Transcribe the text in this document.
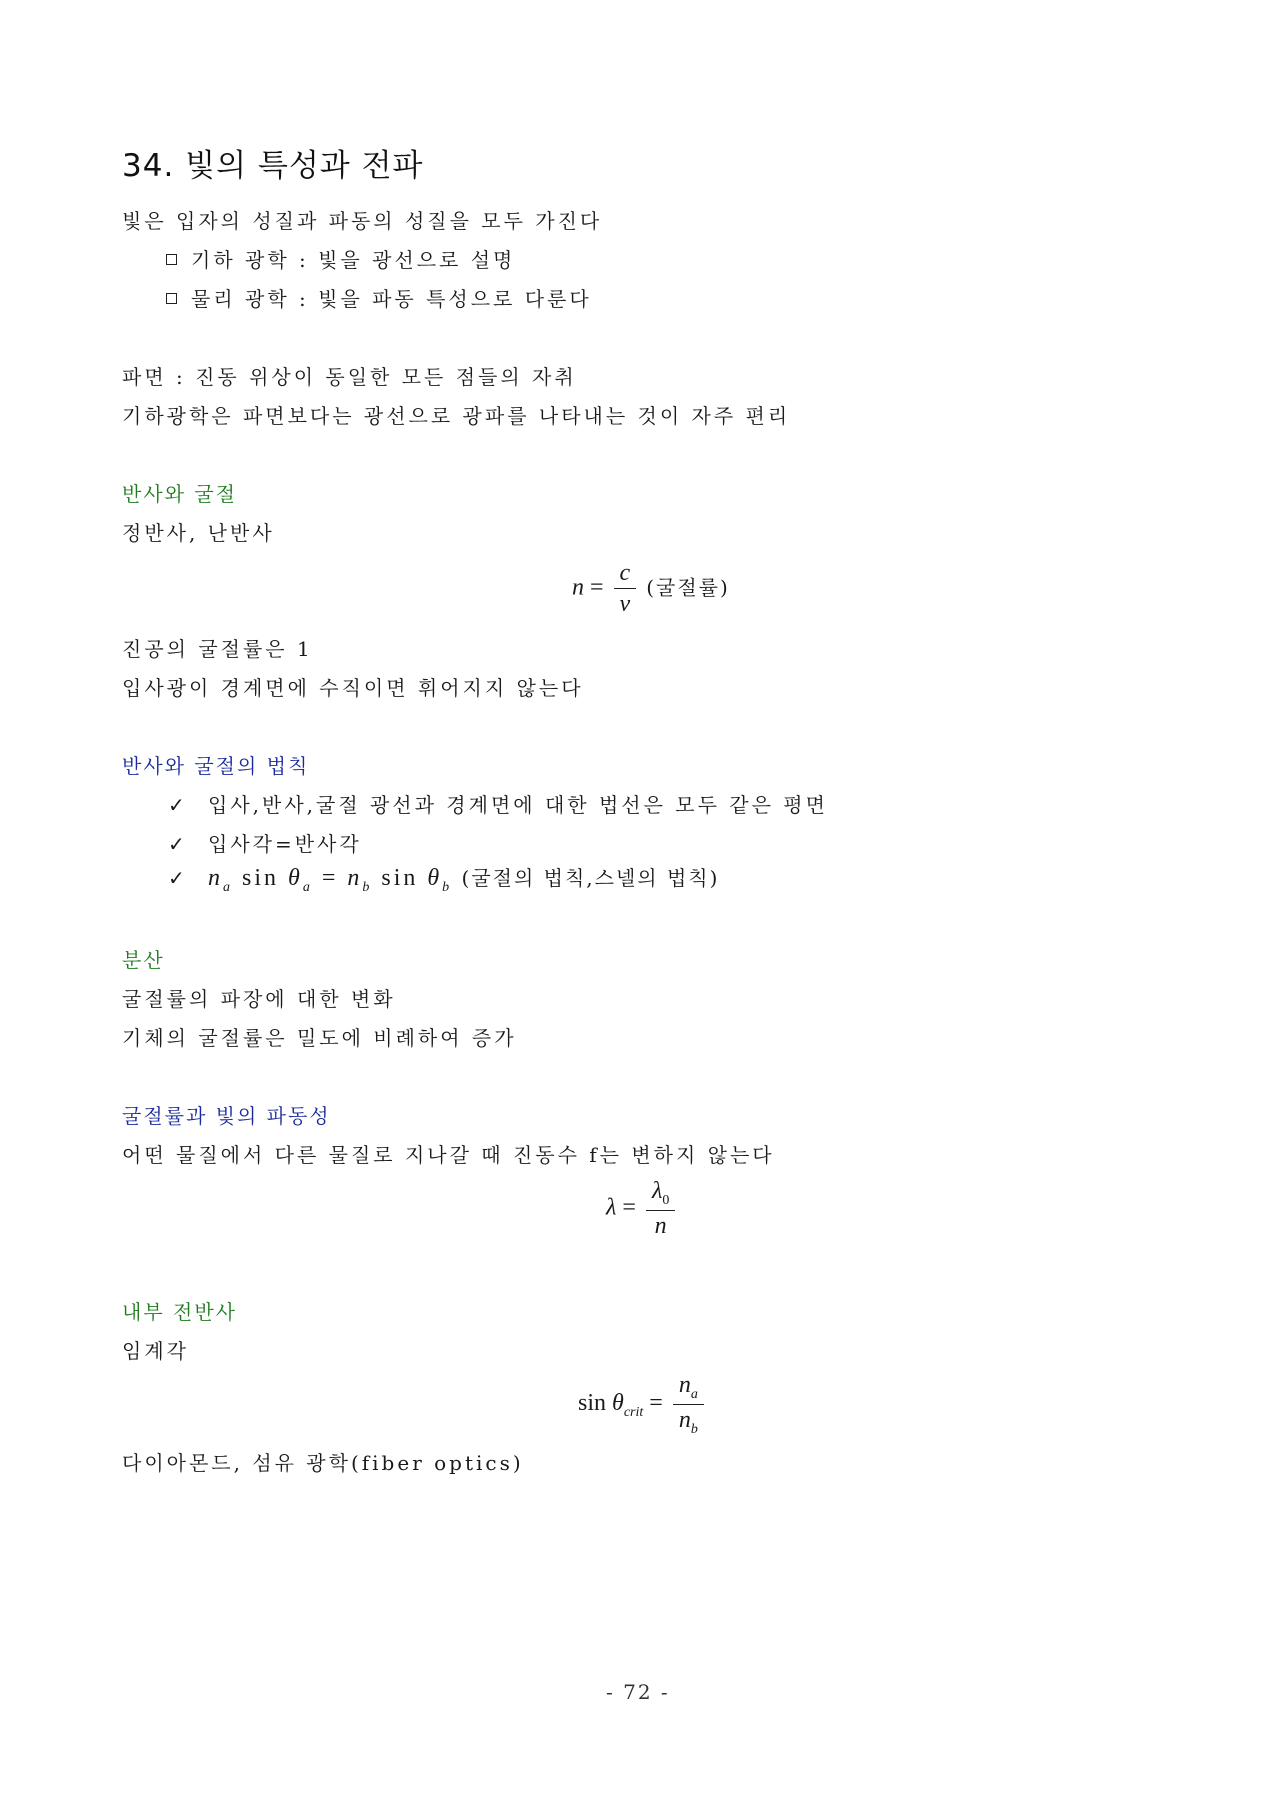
34. 빛의 특성과 전파
빛은 입자의 성질과 파동의 성질을 모두 가진다
기하 광학 : 빛을 광선으로 설명
물리 광학 : 빛을 파동 특성으로 다룬다
파면 : 진동 위상이 동일한 모든 점들의 자취
기하광학은 파면보다는 광선으로 광파를 나타내는 것이 자주 편리
반사와 굴절
정반사, 난반사
$n = \frac{c}{v}$ (굴절률)
진공의 굴절률은 1
입사광이 경계면에 수직이면 휘어지지 않는다
반사와 굴절의 법칙
✓ 입사,반사,굴절 광선과 경계면에 대한 법선은 모두 같은 평면
✓ 입사각=반사각
✓ $n_a$ $\sin \theta_a = n_b$ $\sin \theta_b$ (굴절의 법칙,스넬의 법칙)
분산
굴절률의 파장에 대한 변화
기체의 굴절률은 밀도에 비례하여 증가
굴절률과 빛의 파동성
어떤 물질에서 다른 물질로 지나갈 때 진동수 f는 변하지 않는다
$\lambda = \frac{\lambda_0}{n}$
내부 전반사
임계각
$\sin \theta_{crit} = \frac{n_a}{n_b}$
다이아몬드, 섬유 광학(fiber optics)
- 72 -
